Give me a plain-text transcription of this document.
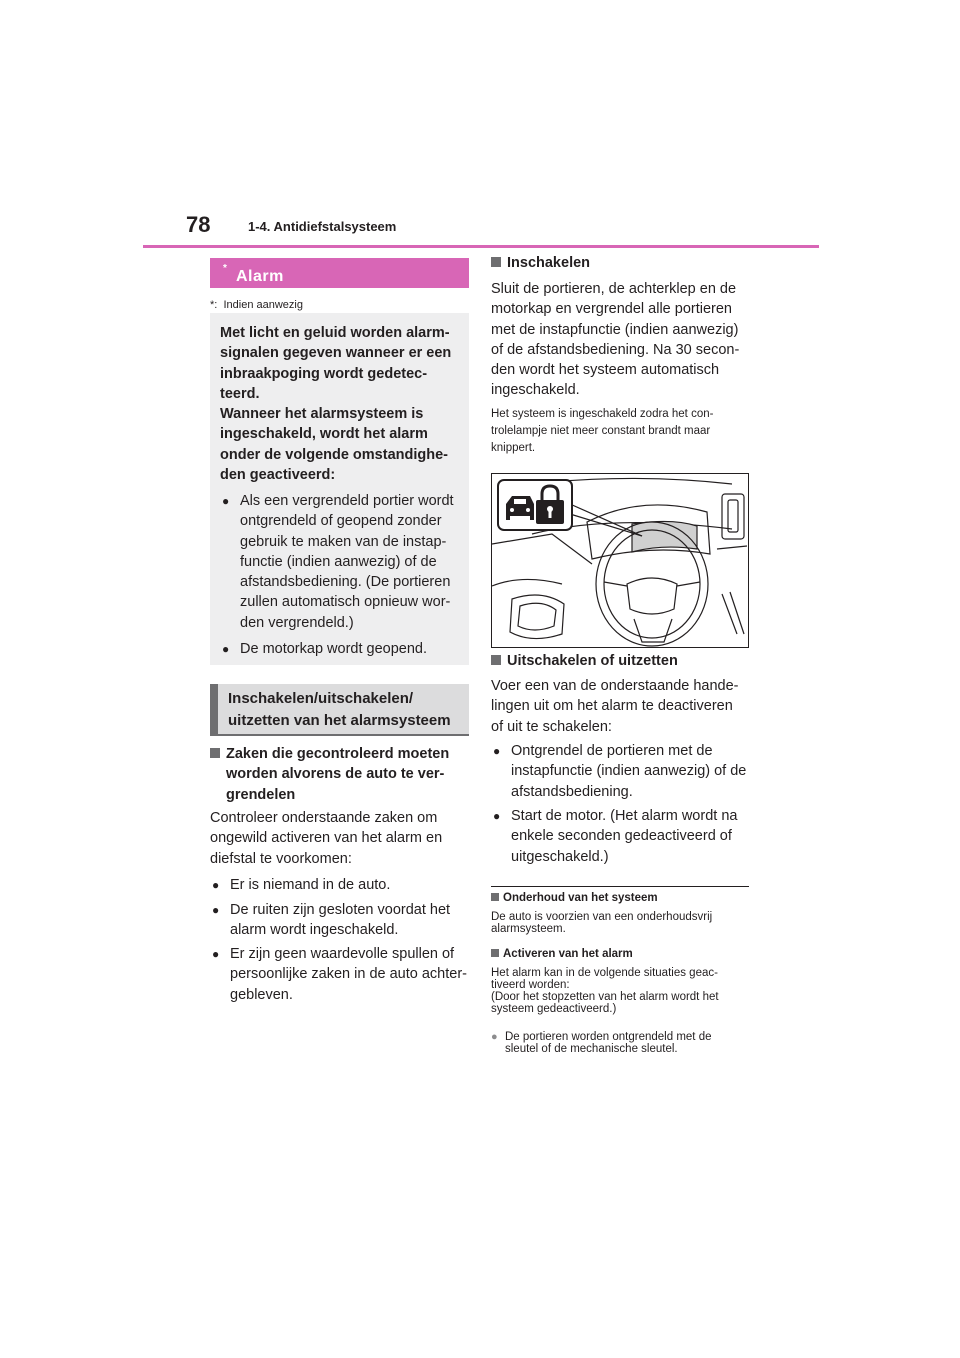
78	1-4. Antidiefstalsysteem
Alarm
*
*: Indien aanwezig
Met licht en geluid worden alarm-
signalen gegeven wanneer er een
inbraakpoging wordt gedetec-
teerd.
Wanneer het alarmsysteem is
ingeschakeld, wordt het alarm
onder de volgende omstandighe-
den geactiveerd:
● Als een vergrendeld portier wordt
ontgrendeld of geopend zonder
gebruik te maken van de instap-
functie (indien aanwezig) of de
afstandsbediening. (De portieren
zullen automatisch opnieuw wor-
den vergrendeld.)
● De motorkap wordt geopend.
Inschakelen/uitschakelen/
uitzetten van het alarmsysteem
Zaken die gecontroleerd moeten
worden alvorens de auto te ver-
grendelen
Controleer onderstaande zaken om
ongewild activeren van het alarm en
diefstal te voorkomen:
● Er is niemand in de auto.
● De ruiten zijn gesloten voordat het
alarm wordt ingeschakeld.
● Er zijn geen waardevolle spullen of
persoonlijke zaken in de auto achter-
gebleven.
Inschakelen
Sluit de portieren, de achterklep en de
motorkap en vergrendel alle portieren
met de instapfunctie (indien aanwezig)
of de afstandsbediening. Na 30 secon-
den wordt het systeem automatisch
ingeschakeld.
Het systeem is ingeschakeld zodra het con-
trolelampje niet meer constant brandt maar
knippert.
Uitschakelen of uitzetten
Voer een van de onderstaande hande-
lingen uit om het alarm te deactiveren
of uit te schakelen:
● Ontgrendel de portieren met de
instapfunctie (indien aanwezig) of de
afstandsbediening.
● Start de motor. (Het alarm wordt na
enkele seconden gedeactiveerd of
uitgeschakeld.)
Onderhoud van het systeem
De auto is voorzien van een onderhoudsvrij
alarmsysteem.
Activeren van het alarm
Het alarm kan in de volgende situaties geac-
tiveerd worden:
(Door het stopzetten van het alarm wordt het
systeem gedeactiveerd.)
● De portieren worden ontgrendeld met de
sleutel of de mechanische sleutel.
